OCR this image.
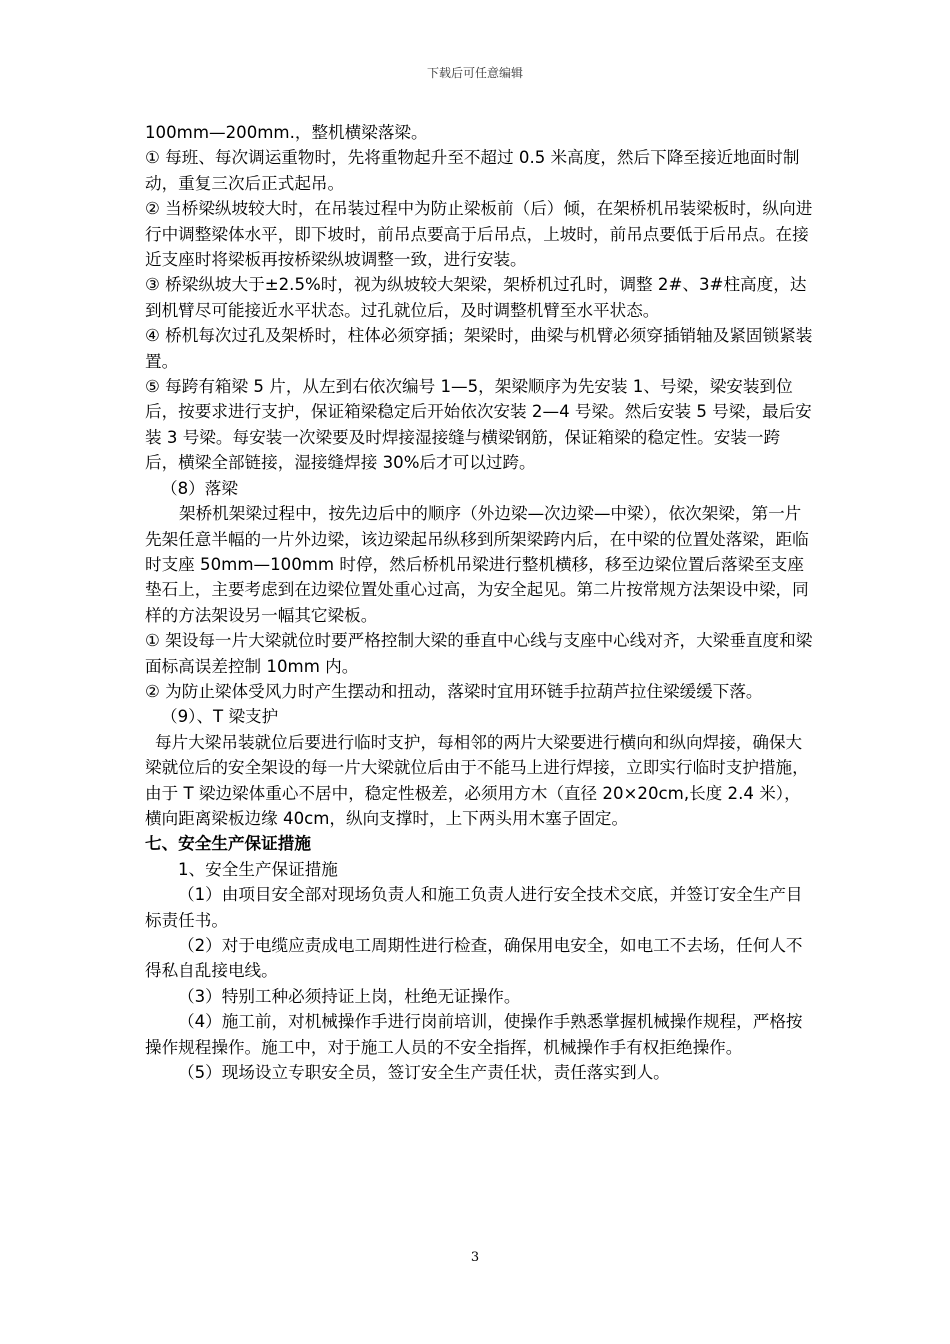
下载后可任意编辑

100mm—200mm.，整机横梁落梁。

① 每班、每次调运重物时，先将重物起升至不超过 0.5 米高度，然后下降至接近地面时制动，重复三次后正式起吊。

② 当桥梁纵坡较大时，在吊装过程中为防止梁板前（后）倾，在架桥机吊装梁板时，纵向进行中调整梁体水平，即下坡时，前吊点要高于后吊点，上坡时，前吊点要低于后吊点。在接近支座时将梁板再按桥梁纵坡调整一致，进行安装。

③ 桥梁纵坡大于±2.5%时，视为纵坡较大架梁，架桥机过孔时，调整 2#、3#柱高度，达到机臂尽可能接近水平状态。过孔就位后，及时调整机臂至水平状态。

④ 桥机每次过孔及架桥时，柱体必须穿插；架梁时，曲梁与机臂必须穿插销轴及紧固锁紧装置。

⑤ 每跨有箱梁 5 片，从左到右依次编号 1—5，架梁顺序为先安装 1、号梁，梁安装到位后，按要求进行支护，保证箱梁稳定后开始依次安装 2—4 号梁。然后安装 5 号梁，最后安装 3 号梁。每安装一次梁要及时焊接湿接缝与横梁钢筋，保证箱梁的稳定性。安装一跨后，横梁全部链接，湿接缝焊接 30%后才可以过跨。

（8）落梁

架桥机架梁过程中，按先边后中的顺序（外边梁—次边梁—中梁），依次架梁，第一片先架任意半幅的一片外边梁，该边梁起吊纵移到所架梁跨内后，在中梁的位置处落梁，距临时支座 50mm—100mm 时停，然后桥机吊梁进行整机横移，移至边梁位置后落梁至支座垫石上，主要考虑到在边梁位置处重心过高，为安全起见。第二片按常规方法架设中梁，同样的方法架设另一幅其它梁板。

① 架设每一片大梁就位时要严格控制大梁的垂直中心线与支座中心线对齐，大梁垂直度和梁面标高误差控制 10mm 内。

② 为防止梁体受风力时产生摆动和扭动，落梁时宜用环链手拉葫芦拉住梁缓缓下落。

（9）、T 梁支护

每片大梁吊装就位后要进行临时支护，每相邻的两片大梁要进行横向和纵向焊接，确保大梁就位后的安全架设的每一片大梁就位后由于不能马上进行焊接，立即实行临时支护措施，由于 T 梁边梁体重心不居中，稳定性极差，必须用方木（直径 20×20cm,长度 2.4 米），横向距离梁板边缘 40cm，纵向支撑时，上下两头用木塞子固定。

七、安全生产保证措施

1、安全生产保证措施

（1）由项目安全部对现场负责人和施工负责人进行安全技术交底，并签订安全生产目标责任书。

（2）对于电缆应责成电工周期性进行检查，确保用电安全，如电工不去场，任何人不得私自乱接电线。

（3）特别工种必须持证上岗，杜绝无证操作。

（4）施工前，对机械操作手进行岗前培训，使操作手熟悉掌握机械操作规程，严格按操作规程操作。施工中，对于施工人员的不安全指挥，机械操作手有权拒绝操作。

（5）现场设立专职安全员，签订安全生产责任状，责任落实到人。

3
